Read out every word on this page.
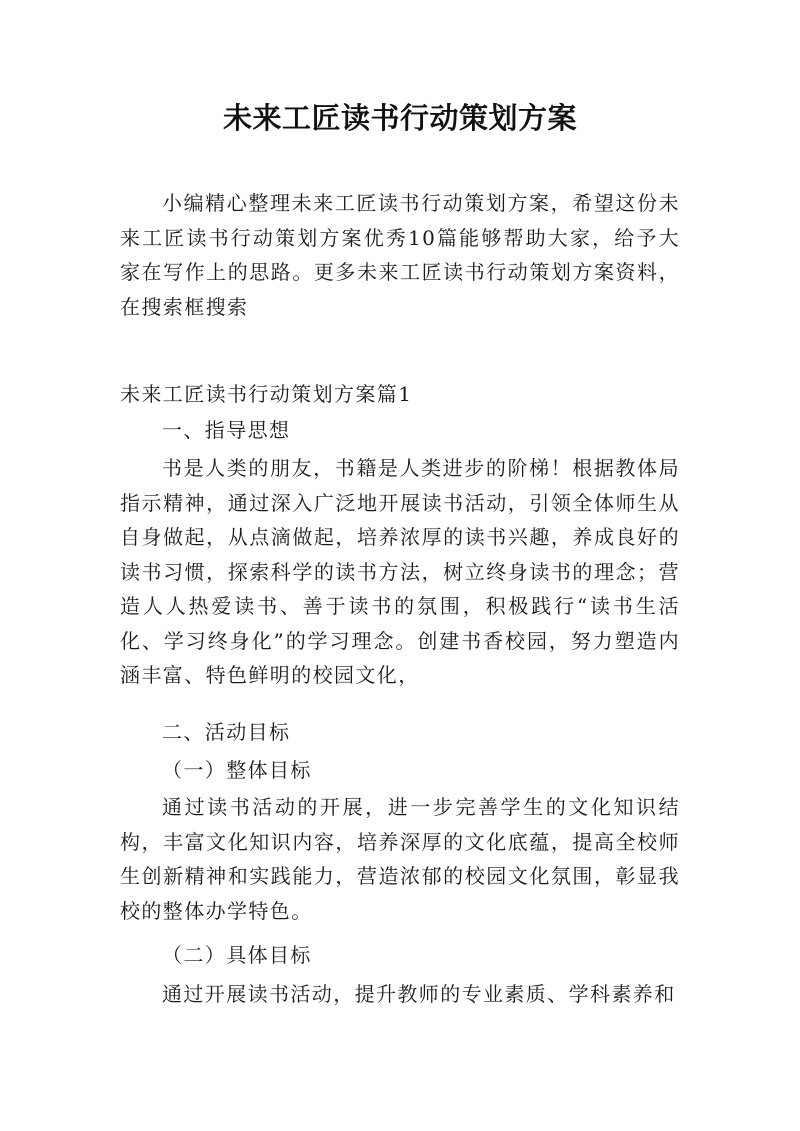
未来工匠读书行动策划方案
小编精心整理未来工匠读书行动策划方案，希望这份未来工匠读书行动策划方案优秀10篇能够帮助大家，给予大家在写作上的思路。更多未来工匠读书行动策划方案资料，在搜索框搜索
未来工匠读书行动策划方案篇1
一、指导思想
书是人类的朋友，书籍是人类进步的阶梯！根据教体局指示精神，通过深入广泛地开展读书活动，引领全体师生从自身做起，从点滴做起，培养浓厚的读书兴趣，养成良好的读书习惯，探索科学的读书方法，树立终身读书的理念；营造人人热爱读书、善于读书的氛围，积极践行“读书生活化、学习终身化”的学习理念。创建书香校园，努力塑造内涵丰富、特色鲜明的校园文化，
二、活动目标
（一）整体目标
通过读书活动的开展，进一步完善学生的文化知识结构，丰富文化知识内容，培养深厚的文化底蕴，提高全校师生创新精神和实践能力，营造浓郁的校园文化氛围，彰显我校的整体办学特色。
（二）具体目标
通过开展读书活动，提升教师的专业素质、学科素养和
